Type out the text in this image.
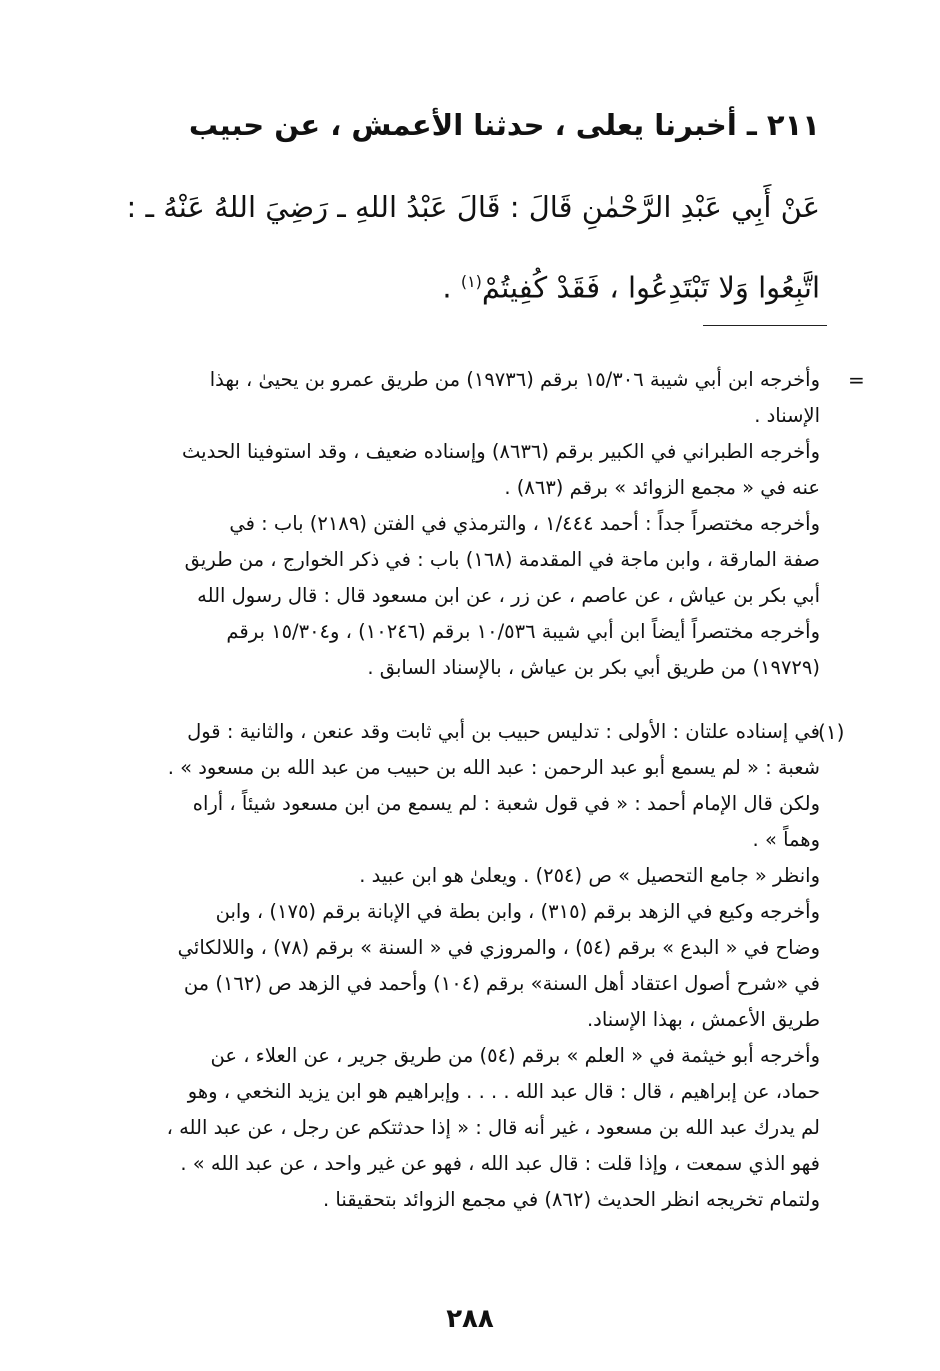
٢١١ ـ أخبرنا يعلى ، حدثنا الأعمش ، عن حبيب
عَنْ أَبِي عَبْدِ الرَّحْمٰنِ قَالَ : قَالَ عَبْدُ اللهِ ـ رَضِيَ اللهُ عَنْهُ ـ :
اتَّبِعُوا وَلا تَبْتَدِعُوا ، فَقَدْ كُفِيتُمْ$^{(١)}$ .
=
وأخرجه ابن أبي شيبة ١٥/٣٠٦ برقم (١٩٧٣٦) من طريق عمرو بن يحيىٰ ، بهذا
الإسناد .
وأخرجه الطبراني في الكبير برقم (٨٦٣٦) وإسناده ضعيف ، وقد استوفينا الحديث
عنه في « مجمع الزوائد » برقم (٨٦٣) .
وأخرجه مختصراً جداً : أحمد ١/٤٤٤ ، والترمذي في الفتن (٢١٨٩) باب : في
صفة المارقة ، وابن ماجة في المقدمة (١٦٨) باب : في ذكر الخوارج ، من طريق
أبي بكر بن عياش ، عن عاصم ، عن زر ، عن ابن مسعود قال : قال رسول الله
وأخرجه مختصراً أيضاً ابن أبي شيبة ١٠/٥٣٦ برقم (١٠٢٤٦) ، و١٥/٣٠٤ برقم
(١٩٧٢٩) من طريق أبي بكر بن عياش ، بالإسناد السابق .
(١)
في إسناده علتان : الأولى : تدليس حبيب بن أبي ثابت وقد عنعن ، والثانية : قول
شعبة : « لم يسمع أبو عبد الرحمن : عبد الله بن حبيب من عبد الله بن مسعود » .
ولكن قال الإمام أحمد : « في قول شعبة : لم يسمع من ابن مسعود شيئاً ، أراه
وهماً » .
وانظر « جامع التحصيل » ص (٢٥٤) . ويعلىٰ هو ابن عبيد .
وأخرجه وكيع في الزهد برقم (٣١٥) ، وابن بطة في الإبانة برقم (١٧٥) ، وابن
وضاح في « البدع » برقم (٥٤) ، والمروزي في « السنة » برقم (٧٨) ، واللالكائي
في «شرح أصول اعتقاد أهل السنة» برقم (١٠٤) وأحمد في الزهد ص (١٦٢) من
طريق الأعمش ، بهذا الإسناد.
وأخرجه أبو خيثمة في « العلم » برقم (٥٤) من طريق جرير ، عن العلاء ، عن
حماد، عن إبراهيم ، قال : قال عبد الله . . . . وإبراهيم هو ابن يزيد النخعي ، وهو
لم يدرك عبد الله بن مسعود ، غير أنه قال : « إذا حدثتكم عن رجل ، عن عبد الله ،
فهو الذي سمعت ، وإذا قلت : قال عبد الله ، فهو عن غير واحد ، عن عبد الله » .
ولتمام تخريجه انظر الحديث (٨٦٢) في مجمع الزوائد بتحقيقنا .
٢٨٨
